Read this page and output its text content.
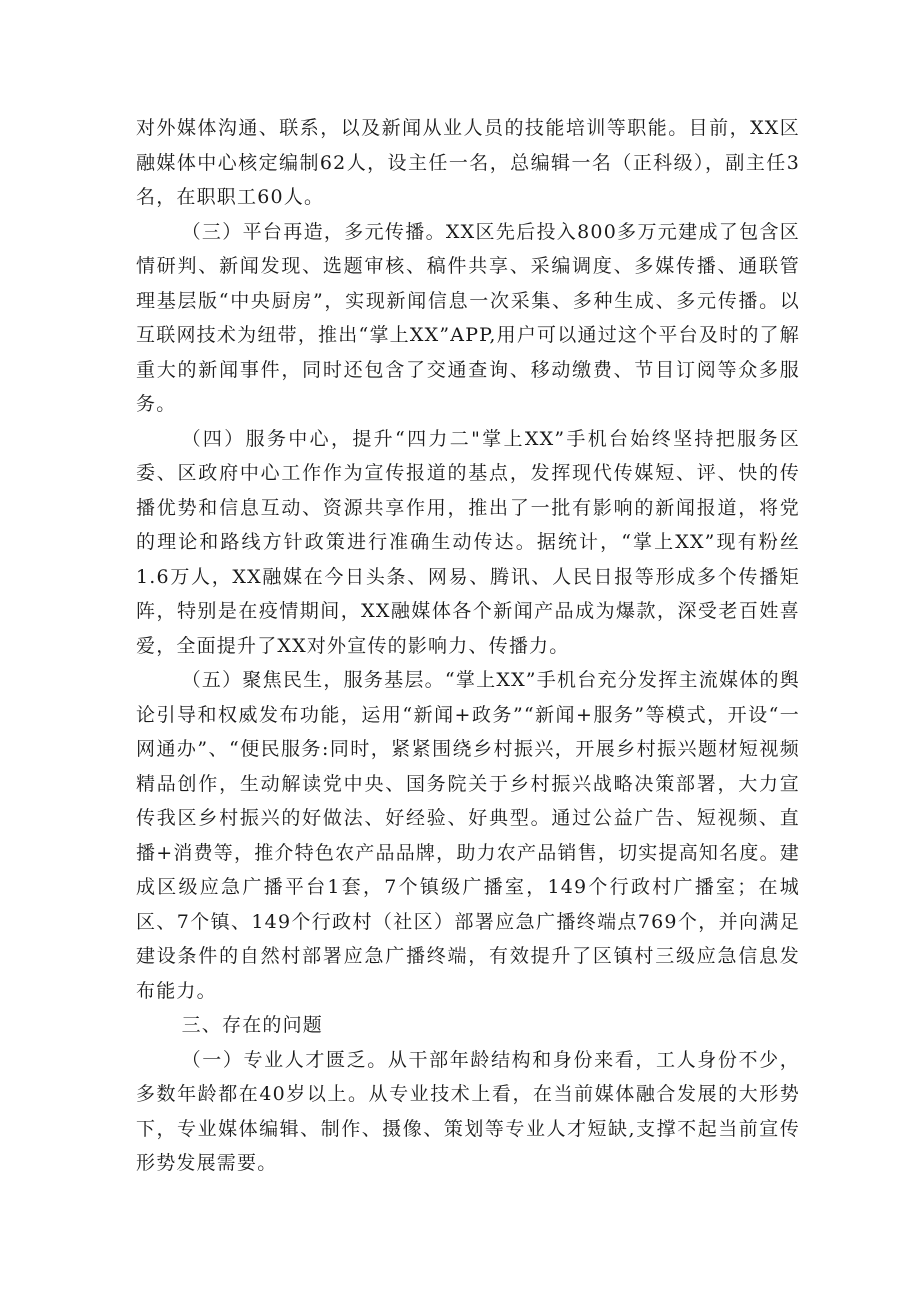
对外媒体沟通、联系，以及新闻从业人员的技能培训等职能。目前，XX区融媒体中心核定编制62人，设主任一名，总编辑一名（正科级），副主任3名，在职职工60人。

（三）平台再造，多元传播。XX区先后投入800多万元建成了包含区情研判、新闻发现、选题审核、稿件共享、采编调度、多媒传播、通联管理基层版“中央厨房”，实现新闻信息一次采集、多种生成、多元传播。以互联网技术为纽带，推出“掌上XX”APP,用户可以通过这个平台及时的了解重大的新闻事件，同时还包含了交通查询、移动缴费、节目订阅等众多服务。

（四）服务中心，提升“四力二"掌上XX”手机台始终坚持把服务区委、区政府中心工作作为宣传报道的基点，发挥现代传媒短、评、快的传播优势和信息互动、资源共享作用，推出了一批有影响的新闻报道，将党的理论和路线方针政策进行准确生动传达。据统计，“掌上XX”现有粉丝1.6万人，XX融媒在今日头条、网易、腾讯、人民日报等形成多个传播矩阵，特别是在疫情期间，XX融媒体各个新闻产品成为爆款，深受老百姓喜爱，全面提升了XX对外宣传的影响力、传播力。

（五）聚焦民生，服务基层。“掌上XX”手机台充分发挥主流媒体的舆论引导和权威发布功能，运用“新闻+政务”“新闻+服务”等模式，开设“一网通办”、“便民服务:同时，紧紧围绕乡村振兴，开展乡村振兴题材短视频精品创作，生动解读党中央、国务院关于乡村振兴战略决策部署，大力宣传我区乡村振兴的好做法、好经验、好典型。通过公益广告、短视频、直播+消费等，推介特色农产品品牌，助力农产品销售，切实提高知名度。建成区级应急广播平台1套，7个镇级广播室，149个行政村广播室；在城区、7个镇、149个行政村（社区）部署应急广播终端点769个，并向满足建设条件的自然村部署应急广播终端，有效提升了区镇村三级应急信息发布能力。

三、存在的问题

（一）专业人才匮乏。从干部年龄结构和身份来看，工人身份不少，多数年龄都在40岁以上。从专业技术上看，在当前媒体融合发展的大形势下，专业媒体编辑、制作、摄像、策划等专业人才短缺,支撑不起当前宣传形势发展需要。
